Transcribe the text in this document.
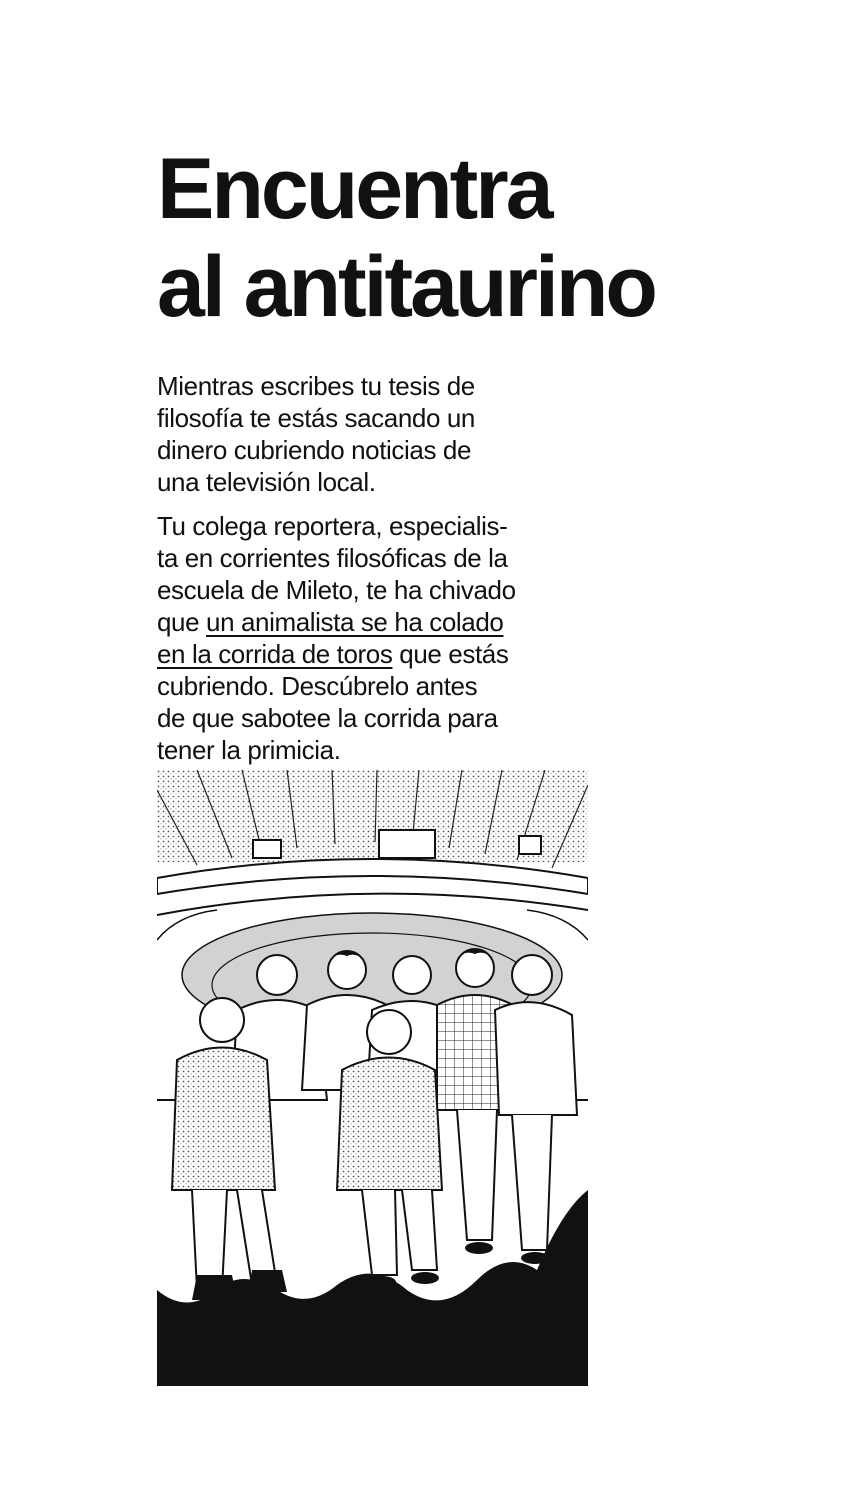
Encuentra
al antitaurino

Mientras escribes tu tesis de
filosofía te estás sacando un
dinero cubriendo noticias de
una televisión local.

Tu colega reportera, especialis-
ta en corrientes filosóficas de la
escuela de Mileto, te ha chivado
que un animalista se ha colado
en la corrida de toros que estás
cubriendo. Descúbrelo antes
de que sabotee la corrida para
tener la primicia.
